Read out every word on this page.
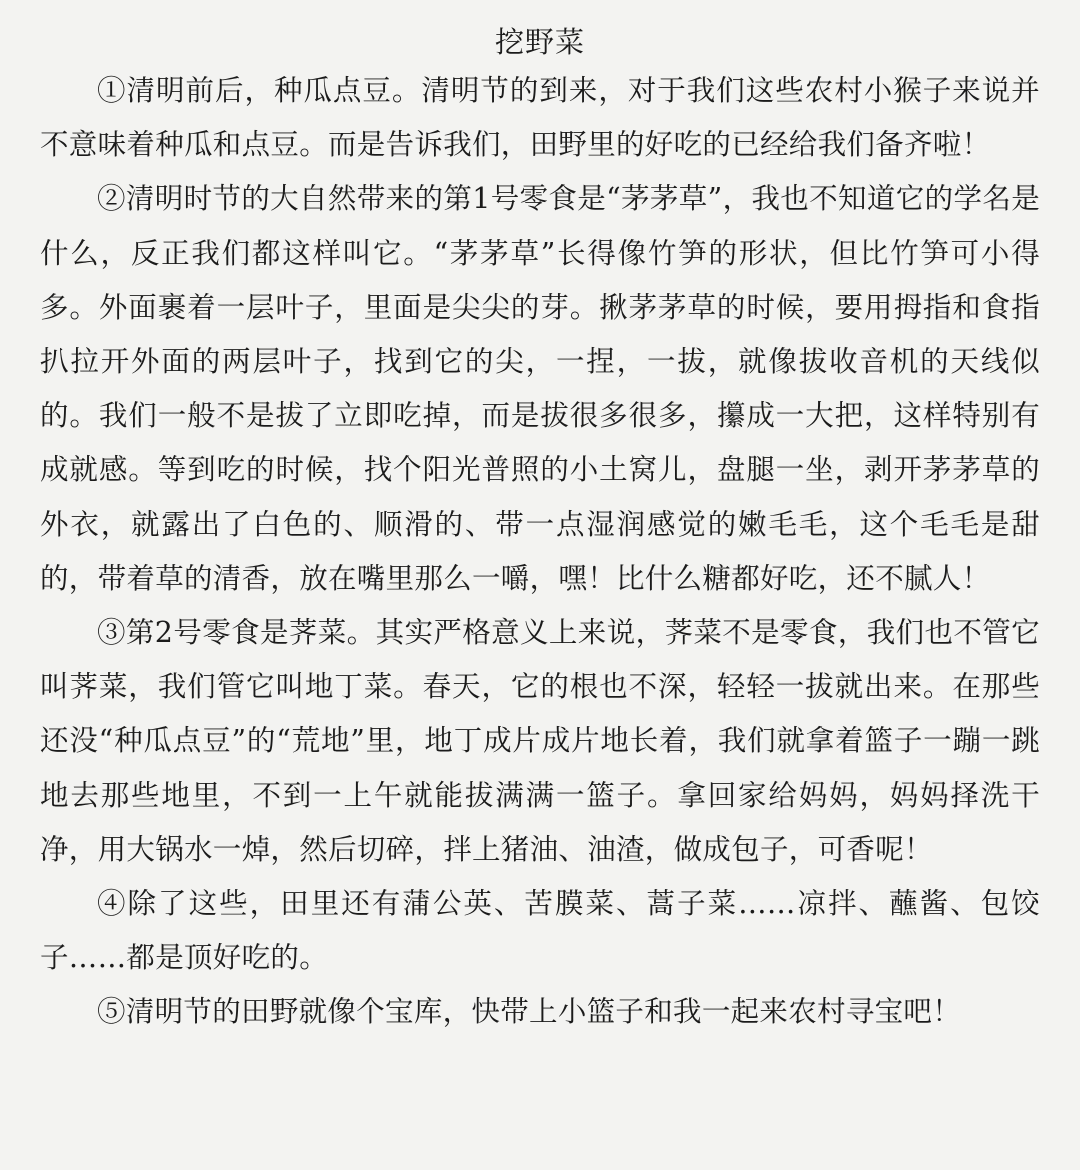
挖野菜

①清明前后，种瓜点豆。清明节的到来，对于我们这些农村小猴子来说并不意味着种瓜和点豆。而是告诉我们，田野里的好吃的已经给我们备齐啦！

②清明时节的大自然带来的第1号零食是“茅茅草”，我也不知道它的学名是什么，反正我们都这样叫它。“茅茅草”长得像竹笋的形状，但比竹笋可小得多。外面裹着一层叶子，里面是尖尖的芽。揪茅茅草的时候，要用拇指和食指扒拉开外面的两层叶子，找到它的尖，一捏，一拔，就像拔收音机的天线似的。我们一般不是拔了立即吃掉，而是拔很多很多，攥成一大把，这样特别有成就感。等到吃的时候，找个阳光普照的小土窝儿，盘腿一坐，剥开茅茅草的外衣，就露出了白色的、顺滑的、带一点湿润感觉的嫩毛毛，这个毛毛是甜的，带着草的清香，放在嘴里那么一嚼，嘿！比什么糖都好吃，还不腻人！

③第2号零食是荠菜。其实严格意义上来说，荠菜不是零食，我们也不管它叫荠菜，我们管它叫地丁菜。春天，它的根也不深，轻轻一拔就出来。在那些还没“种瓜点豆”的“荒地”里，地丁成片成片地长着，我们就拿着篮子一蹦一跳地去那些地里，不到一上午就能拔满满一篮子。拿回家给妈妈，妈妈择洗干净，用大锅水一焯，然后切碎，拌上猪油、油渣，做成包子，可香呢！

④除了这些，田里还有蒲公英、苦膜菜、蒿子菜……凉拌、蘸酱、包饺子……都是顶好吃的。

⑤清明节的田野就像个宝库，快带上小篮子和我一起来农村寻宝吧！
